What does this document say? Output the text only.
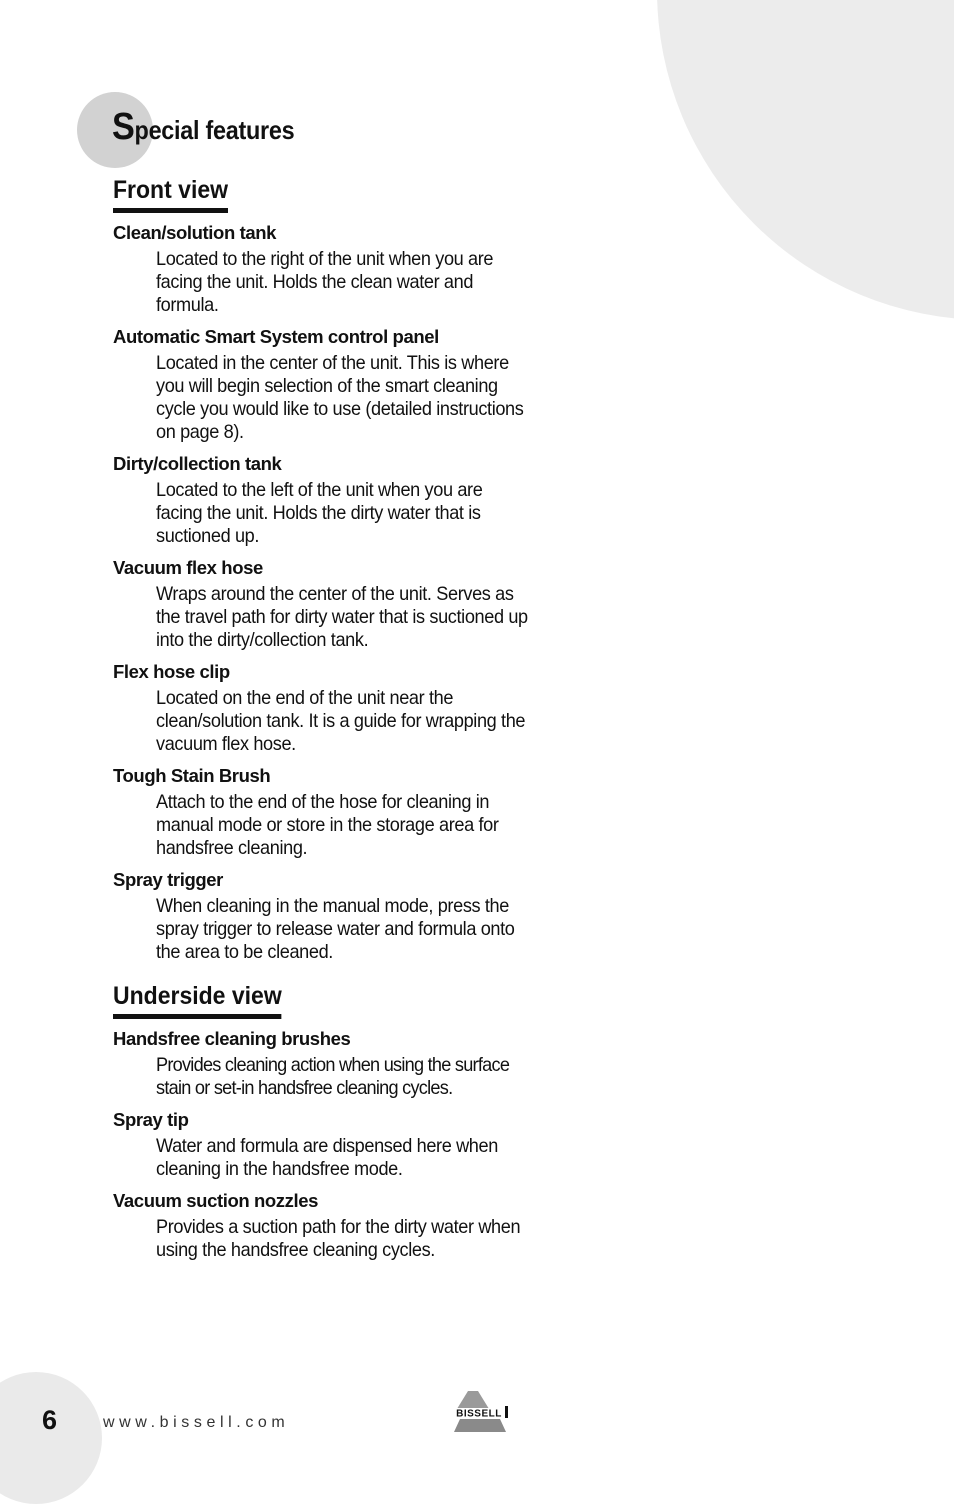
Special features
Front view

Clean/solution tank

Located to the right of the unit when you are facing the unit. Holds the clean water and formula.

Automatic Smart System control panel

Located in the center of the unit. This is where you will begin selection of the smart cleaning cycle you would like to use (detailed instructions on page 8).

Dirty/collection tank

Located to the left of the unit when you are facing the unit. Holds the dirty water that is suctioned up.

Vacuum flex hose

Wraps around the center of the unit. Serves as the travel path for dirty water that is suctioned up into the dirty/collection tank.

Flex hose clip

Located on the end of the unit near the clean/solution tank. It is a guide for wrapping the vacuum flex hose.

Tough Stain Brush

Attach to the end of the hose for cleaning in manual mode or store in the storage area for handsfree cleaning.

Spray trigger

When cleaning in the manual mode, press the spray trigger to release water and formula onto the area to be cleaned.

Underside view

Handsfree cleaning brushes

Provides cleaning action when using the surface stain or set-in handsfree cleaning cycles.

Spray tip

Water and formula are dispensed here when cleaning in the handsfree mode.

Vacuum suction nozzles

Provides a suction path for the dirty water when using the handsfree cleaning cycles.

6	www.bissell.com	BISSELL
